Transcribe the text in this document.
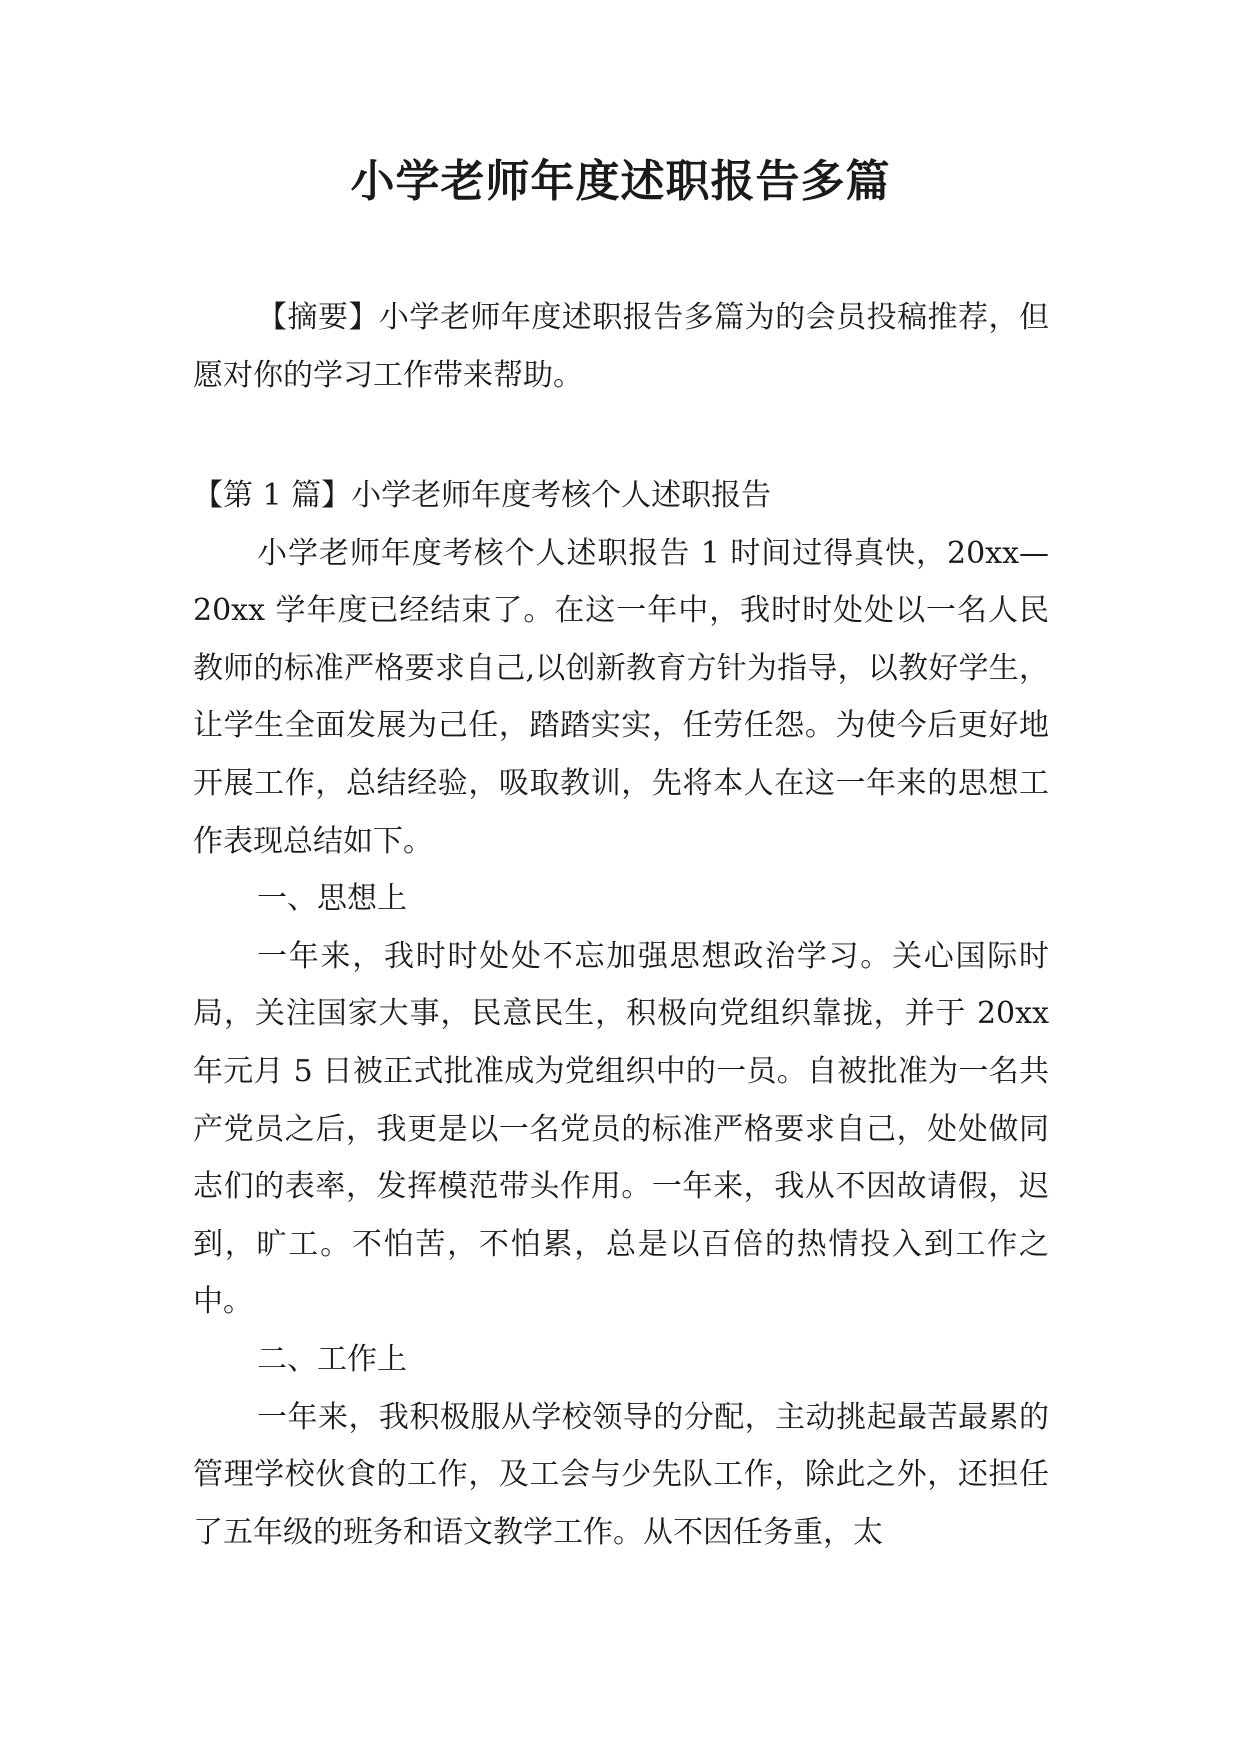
小学老师年度述职报告多篇

【摘要】小学老师年度述职报告多篇为的会员投稿推荐，但愿对你的学习工作带来帮助。

【第 1 篇】小学老师年度考核个人述职报告

小学老师年度考核个人述职报告 1 时间过得真快，20xx—20xx 学年度已经结束了。在这一年中，我时时处处以一名人民教师的标准严格要求自己,以创新教育方针为指导，以教好学生，让学生全面发展为己任，踏踏实实，任劳任怨。为使今后更好地开展工作，总结经验，吸取教训，先将本人在这一年来的思想工作表现总结如下。

一、思想上

一年来，我时时处处不忘加强思想政治学习。关心国际时局，关注国家大事，民意民生，积极向党组织靠拢，并于 20xx 年元月 5 日被正式批准成为党组织中的一员。自被批准为一名共产党员之后，我更是以一名党员的标准严格要求自己，处处做同志们的表率，发挥模范带头作用。一年来，我从不因故请假，迟到，旷工。不怕苦，不怕累，总是以百倍的热情投入到工作之中。

二、工作上

一年来，我积极服从学校领导的分配，主动挑起最苦最累的管理学校伙食的工作，及工会与少先队工作，除此之外，还担任了五年级的班务和语文教学工作。从不因任务重，太
